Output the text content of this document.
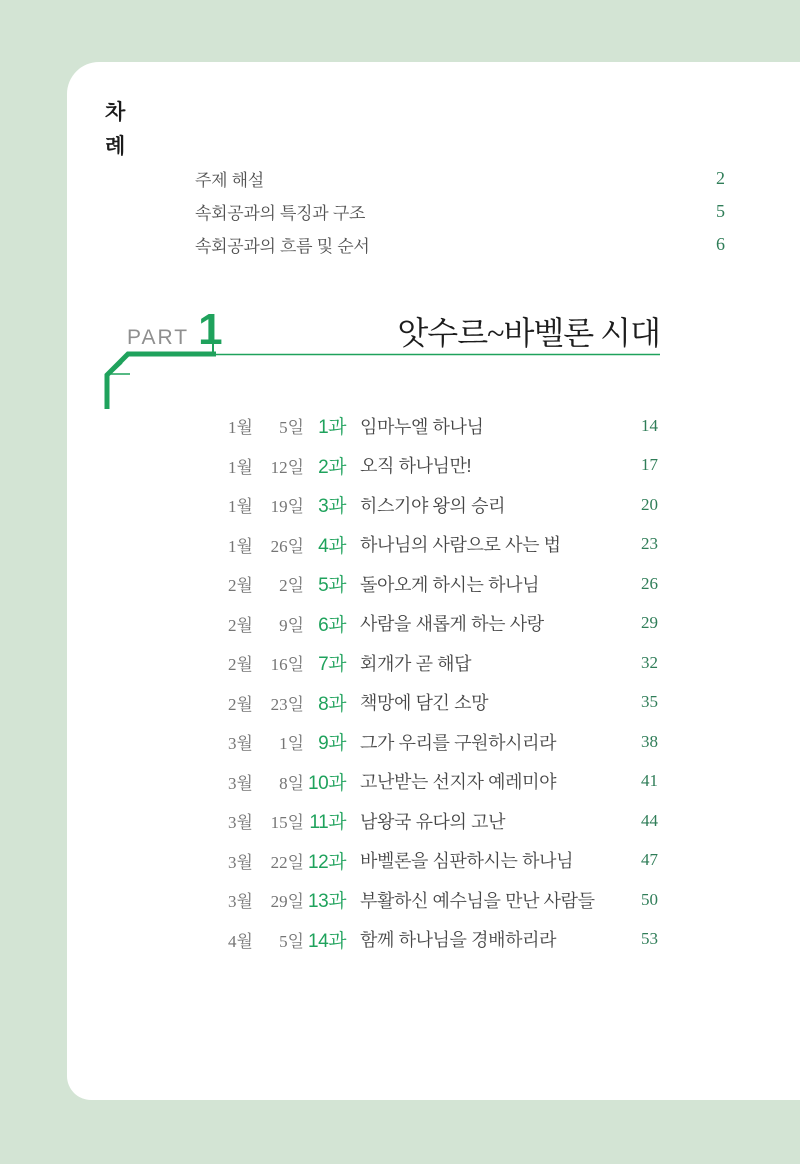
차례
주제 해설	2
속회공과의 특징과 구조	5
속회공과의 흐름 및 순서	6
PART 1	앗수르~바벨론 시대
1월 5일 1과 임마누엘 하나님	14
1월 12일 2과 오직 하나님만!	17
1월 19일 3과 히스기야 왕의 승리	20
1월 26일 4과 하나님의 사람으로 사는 법	23
2월 2일 5과 돌아오게 하시는 하나님	26
2월 9일 6과 사람을 새롭게 하는 사랑	29
2월 16일 7과 회개가 곧 해답	32
2월 23일 8과 책망에 담긴 소망	35
3월 1일 9과 그가 우리를 구원하시리라	38
3월 8일 10과 고난받는 선지자 예레미야	41
3월 15일 11과 남왕국 유다의 고난	44
3월 22일 12과 바벨론을 심판하시는 하나님	47
3월 29일 13과 부활하신 예수님을 만난 사람들	50
4월 5일 14과 함께 하나님을 경배하리라	53
